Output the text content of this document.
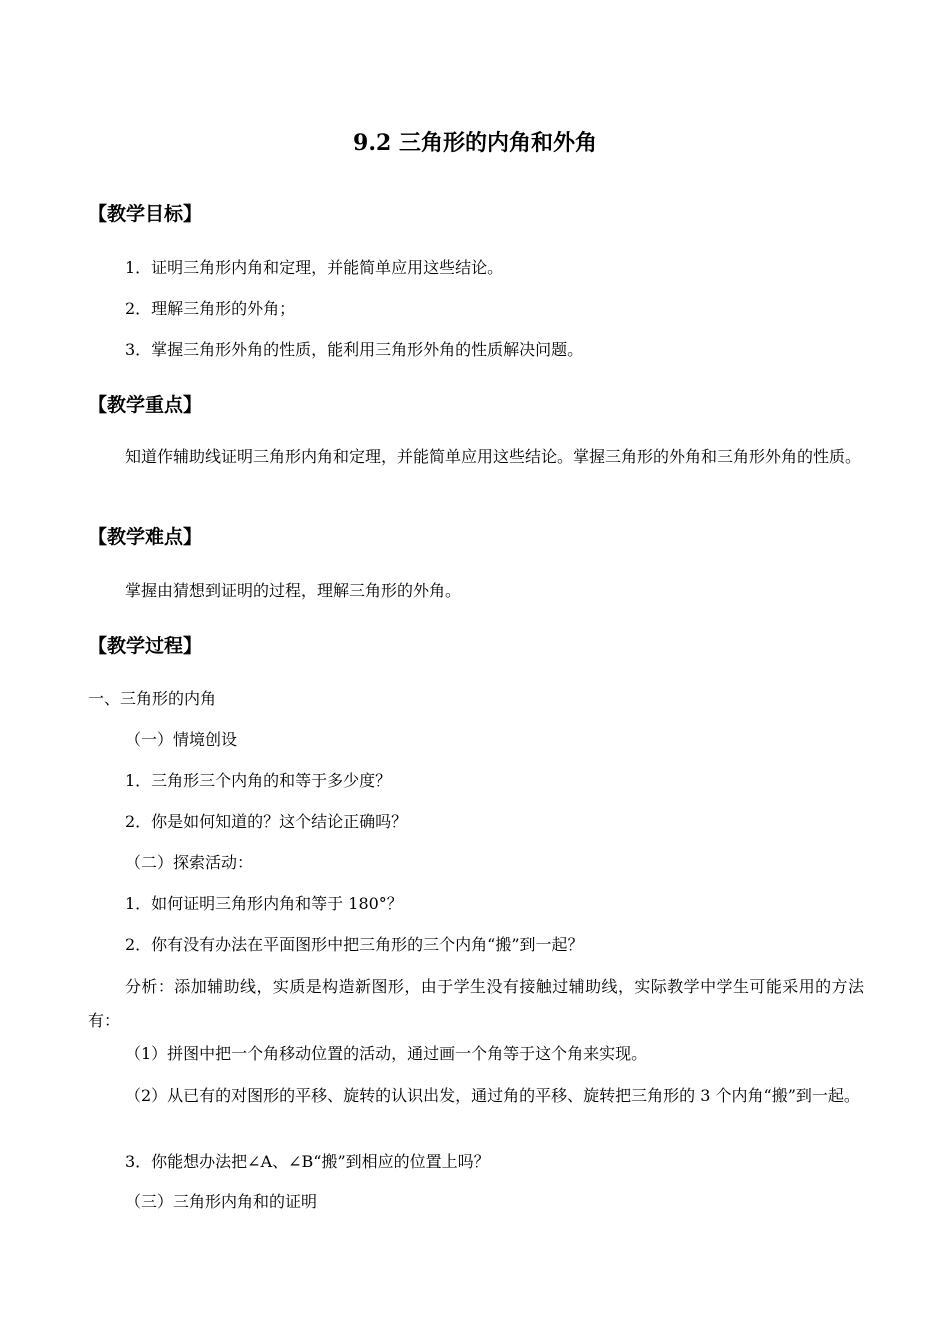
9.2 三角形的内角和外角
【教学目标】
1．证明三角形内角和定理，并能简单应用这些结论。
2．理解三角形的外角；
3．掌握三角形外角的性质，能利用三角形外角的性质解决问题。
【教学重点】
知道作辅助线证明三角形内角和定理，并能简单应用这些结论。掌握三角形的外角和三角形外角的性质。
【教学难点】
掌握由猜想到证明的过程，理解三角形的外角。
【教学过程】
一、三角形的内角
（一）情境创设
1．三角形三个内角的和等于多少度？
2．你是如何知道的？这个结论正确吗？
（二）探索活动：
1．如何证明三角形内角和等于 180°？
2．你有没有办法在平面图形中把三角形的三个内角“搬”到一起？
分析：添加辅助线，实质是构造新图形，由于学生没有接触过辅助线，实际教学中学生可能采用的方法有：
（1）拼图中把一个角移动位置的活动，通过画一个角等于这个角来实现。
（2）从已有的对图形的平移、旋转的认识出发，通过角的平移、旋转把三角形的 3 个内角“搬”到一起。
3．你能想办法把∠A、∠B“搬”到相应的位置上吗？
（三）三角形内角和的证明
